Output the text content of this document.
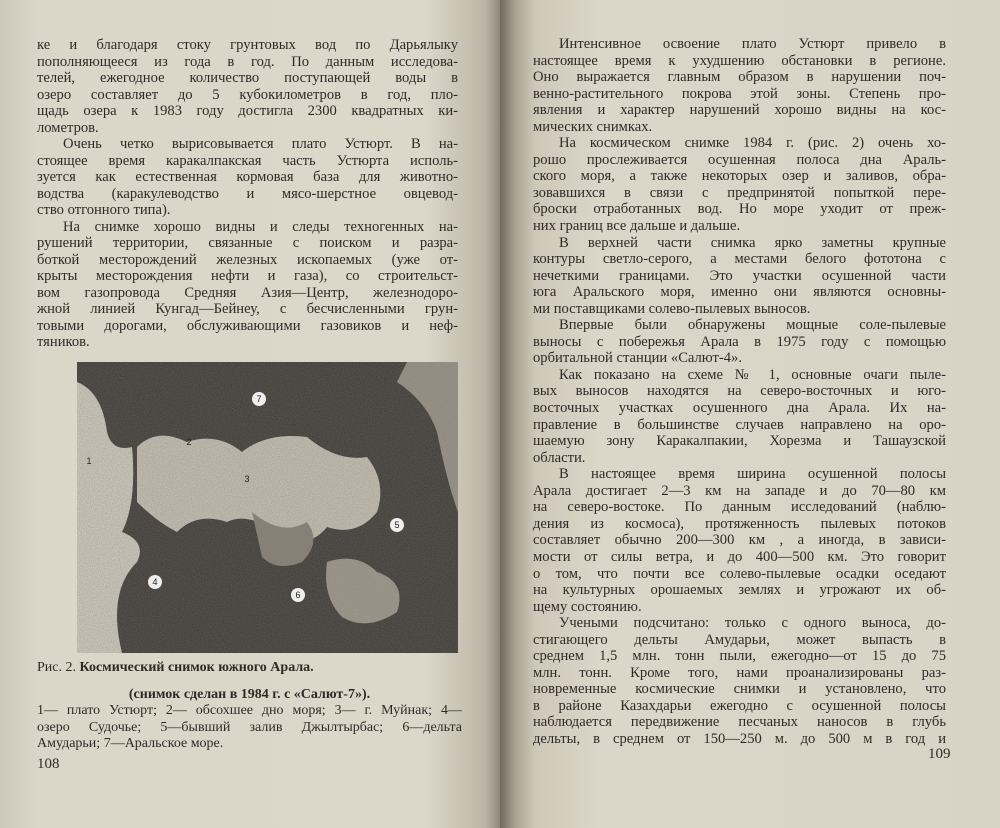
ке и благодаря стоку грунтовых вод по Дарьялыку
пополняющееся из года в год. По данным исследова-
телей, ежегодное количество поступающей воды в
озеро составляет до 5 кубокилометров в год, пло-
щадь озера к 1983 году достигла 2300 квадратных ки-
лометров.
Очень четко вырисовывается плато Устюрт. В на-
стоящее время каракалпакская часть Устюрта исполь-
зуется как естественная кормовая база для животно-
водства (каракулеводство и мясо-шерстное овцевод-
ство отгонного типа).
На снимке хорошо видны и следы техногенных на-
рушений территории, связанные с поиском и разра-
боткой месторождений железных ископаемых (уже от-
крыты месторождения нефти и газа), со строительст-
вом газопровода Средняя Азия—Центр, железнодоро-
жной линией Кунгад—Бейнеу, с бесчисленными грун-
товыми дорогами, обслуживающими газовиков и неф-
тяников.
7
5
4
6
1
2
3
Рис. 2. Космический снимок южного Арала.
(снимок сделан в 1984 г. с «Салют-7»).
1— плато Устюрт; 2— обсохшее дно моря; 3— г. Муйнак; 4—
озеро Судочье; 5—бывший залив Джылтырбас; 6—дельта
Амударьи; 7—Аральское море.
108
Интенсивное освоение плато Устюрт привело в
настоящее время к ухудшению обстановки в регионе.
Оно выражается главным образом в нарушении поч-
венно-растительного покрова этой зоны. Степень про-
явления и характер нарушений хорошо видны на кос-
мических снимках.
На космическом снимке 1984 г. (рис. 2) очень хо-
рошо прослеживается осушенная полоса дна Араль-
ского моря, а также некоторых озер и заливов, обра-
зовавшихся в связи с предпринятой попыткой пере-
броски отработанных вод. Но море уходит от преж-
них границ все дальше и дальше.
В верхней части снимка ярко заметны крупные
контуры светло-серого, а местами белого фототона с
нечеткими границами. Это участки осушенной части
юга Аральского моря, именно они являются основны-
ми поставщиками солево-пылевых выносов.
Впервые были обнаружены мощные соле-пылевые
выносы с побережья Арала в 1975 году с помощью
орбитальной станции «Салют-4».
Как показано на схеме № 1, основные очаги пыле-
вых выносов находятся на северо-восточных и юго-
восточных участках осушенного дна Арала. Их на-
правление в большинстве случаев направлено на оро-
шаемую зону Каракалпакии, Хорезма и Ташаузской
области.
В настоящее время ширина осушенной полосы
Арала достигает 2—3 км на западе и до 70—80 км
на северо-востоке. По данным исследований (наблю-
дения из космоса), протяженность пылевых потоков
составляет обычно 200—300 км , а иногда, в зависи-
мости от силы ветра, и до 400—500 км. Это говорит
о том, что почти все солево-пылевые осадки оседают
на культурных орошаемых землях и угрожают их об-
щему состоянию.
Учеными подсчитано: только с одного выноса, до-
стигающего дельты Амударьи, может выпасть в
среднем 1,5 млн. тонн пыли, ежегодно—от 15 до 75
млн. тонн. Кроме того, нами проанализированы раз-
новременные космические снимки и установлено, что
в районе Казахдарьи ежегодно с осушенной полосы
наблюдается передвижение песчаных наносов в глубь
дельты, в среднем от 150—250 м. до 500 м в год и
109
